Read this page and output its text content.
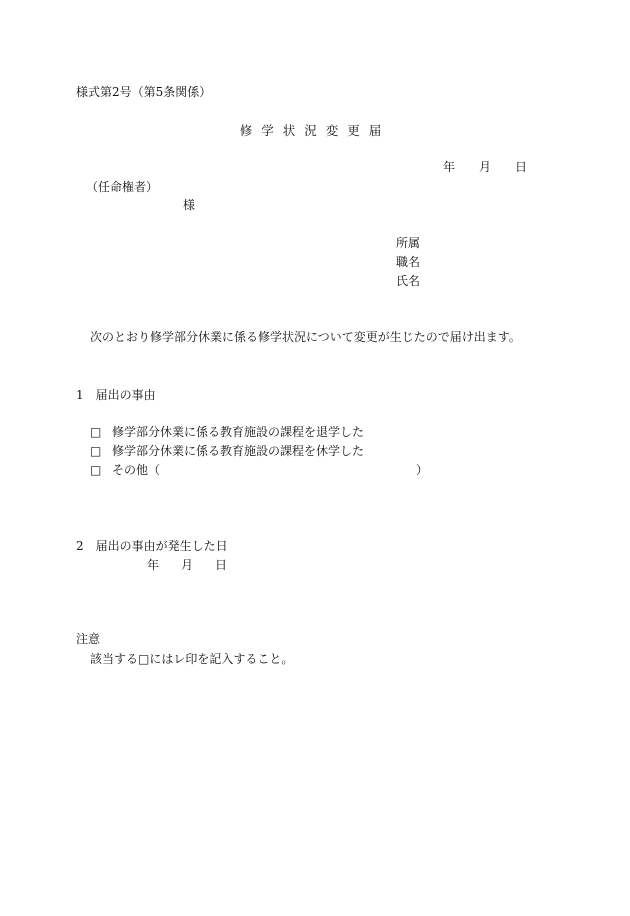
様式第2号（第5条関係）
修学状況変更届
年 月 日
（任命権者）
様
所属
職名
氏名
次のとおり修学部分休業に係る修学状況について変更が生じたので届け出ます。
1　届出の事由
□ 修学部分休業に係る教育施設の課程を退学した
□ 修学部分休業に係る教育施設の課程を休学した
□ その他（	）
2　届出の事由が発生した日
年 月 日
注意
該当する□にはレ印を記入すること。
